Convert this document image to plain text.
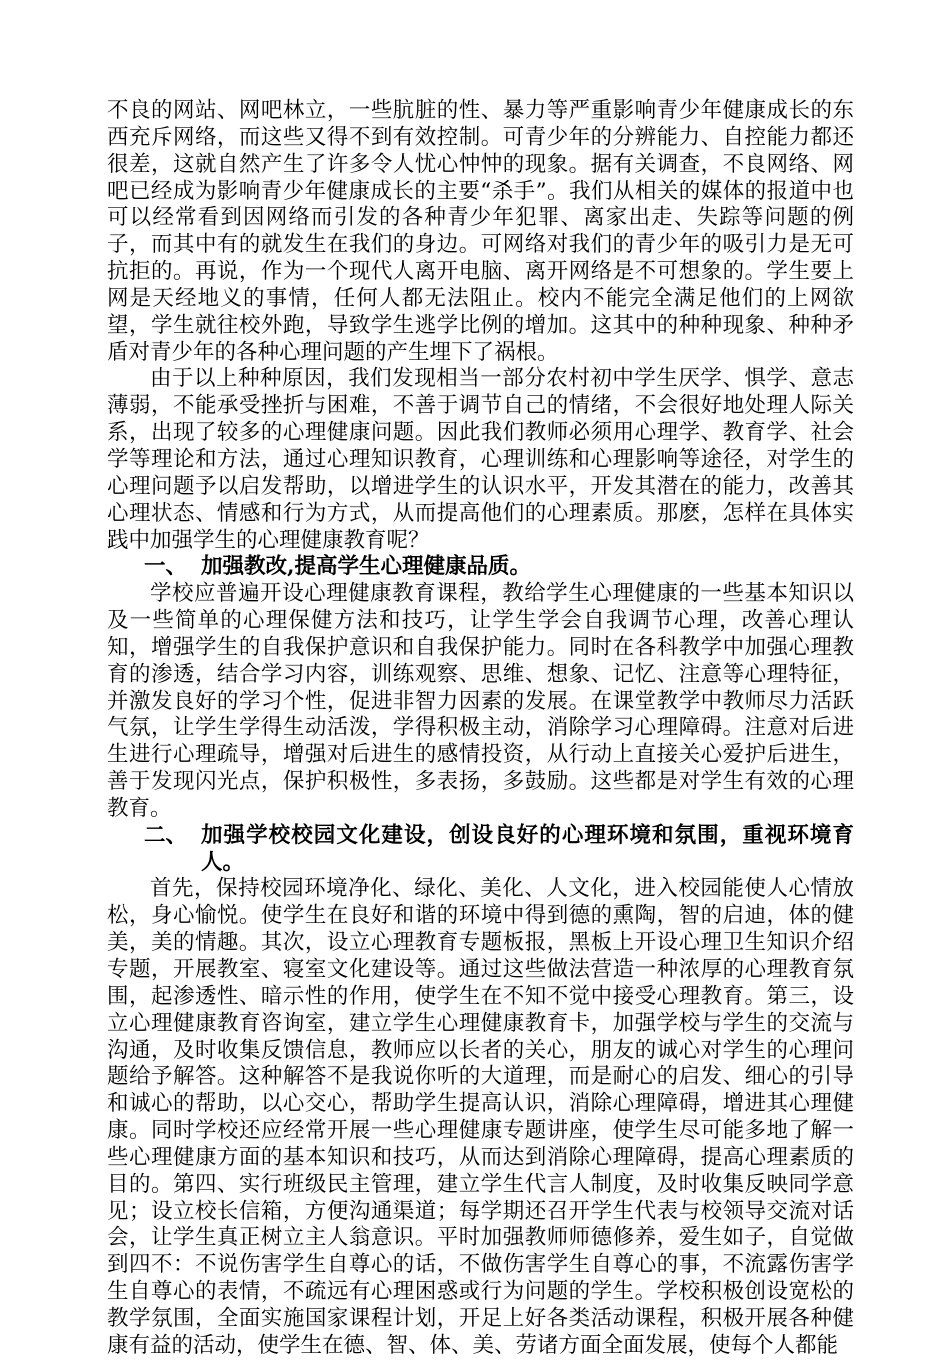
不良的网站、网吧林立，一些肮脏的性、暴力等严重影响青少年健康成长的东西充斥网络，而这些又得不到有效控制。可青少年的分辨能力、自控能力都还很差，这就自然产生了许多令人忧心忡忡的现象。据有关调查，不良网络、网吧已经成为影响青少年健康成长的主要“杀手”。我们从相关的媒体的报道中也可以经常看到因网络而引发的各种青少年犯罪、离家出走、失踪等问题的例子，而其中有的就发生在我们的身边。可网络对我们的青少年的吸引力是无可抗拒的。再说，作为一个现代人离开电脑、离开网络是不可想象的。学生要上网是天经地义的事情，任何人都无法阻止。校内不能完全满足他们的上网欲望，学生就往校外跑，导致学生逃学比例的增加。这其中的种种现象、种种矛盾对青少年的各种心理问题的产生埋下了祸根。

由于以上种种原因，我们发现相当一部分农村初中学生厌学、惧学、意志薄弱，不能承受挫折与困难，不善于调节自己的情绪，不会很好地处理人际关系，出现了较多的心理健康问题。因此我们教师必须用心理学、教育学、社会学等理论和方法，通过心理知识教育，心理训练和心理影响等途径，对学生的心理问题予以启发帮助，以增进学生的认识水平，开发其潜在的能力，改善其心理状态、情感和行为方式，从而提高他们的心理素质。那麽，怎样在具体实践中加强学生的心理健康教育呢？

一、 加强教改,提高学生心理健康品质。

学校应普遍开设心理健康教育课程，教给学生心理健康的一些基本知识以及一些简单的心理保健方法和技巧，让学生学会自我调节心理，改善心理认知，增强学生的自我保护意识和自我保护能力。同时在各科教学中加强心理教育的渗透，结合学习内容，训练观察、思维、想象、记忆、注意等心理特征，并激发良好的学习个性，促进非智力因素的发展。在课堂教学中教师尽力活跃气氛，让学生学得生动活泼，学得积极主动，消除学习心理障碍。注意对后进生进行心理疏导，增强对后进生的感情投资，从行动上直接关心爱护后进生，善于发现闪光点，保护积极性，多表扬，多鼓励。这些都是对学生有效的心理教育。

二、 加强学校校园文化建设，创设良好的心理环境和氛围，重视环境育人。

首先，保持校园环境净化、绿化、美化、人文化，进入校园能使人心情放松，身心愉悦。使学生在良好和谐的环境中得到德的熏陶，智的启迪，体的健美，美的情趣。其次，设立心理教育专题板报，黑板上开设心理卫生知识介绍专题，开展教室、寝室文化建设等。通过这些做法营造一种浓厚的心理教育氛围，起渗透性、暗示性的作用，使学生在不知不觉中接受心理教育。第三，设立心理健康教育咨询室，建立学生心理健康教育卡，加强学校与学生的交流与沟通，及时收集反馈信息，教师应以长者的关心，朋友的诚心对学生的心理问题给予解答。这种解答不是我说你听的大道理，而是耐心的启发、细心的引导和诚心的帮助，以心交心，帮助学生提高认识，消除心理障碍，增进其心理健康。同时学校还应经常开展一些心理健康专题讲座，使学生尽可能多地了解一些心理健康方面的基本知识和技巧，从而达到消除心理障碍，提高心理素质的目的。第四、实行班级民主管理，建立学生代言人制度，及时收集反映同学意见；设立校长信箱，方便沟通渠道；每学期还召开学生代表与校领导交流对话会，让学生真正树立主人翁意识。平时加强教师师德修养，爱生如子，自觉做到四不：不说伤害学生自尊心的话，不做伤害学生自尊心的事，不流露伤害学生自尊心的表情，不疏远有心理困惑或行为问题的学生。学校积极创设宽松的教学氛围，全面实施国家课程计划，开足上好各类活动课程，积极开展各种健康有益的活动，使学生在德、智、体、美、劳诸方面全面发展，使每个人都能
